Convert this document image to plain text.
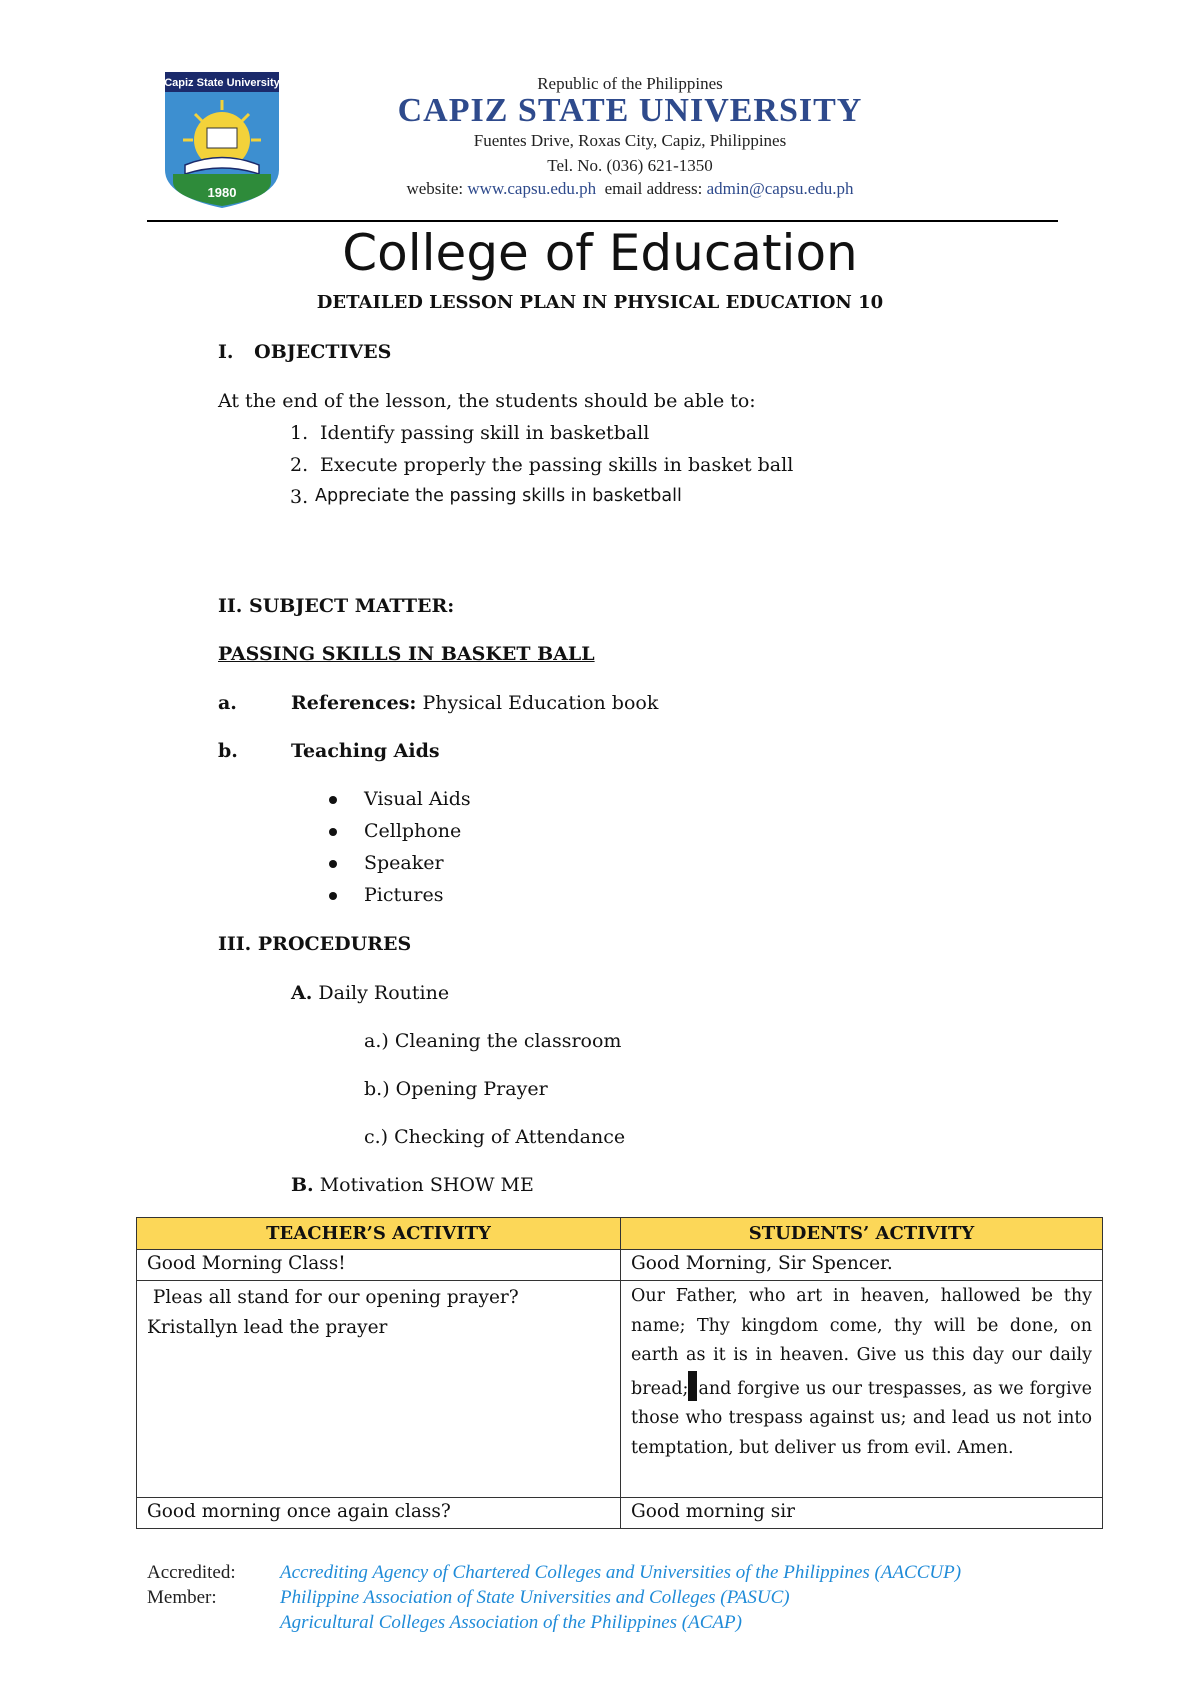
Capiz State University
1980
Republic of the Philippines
CAPIZ STATE UNIVERSITY
Fuentes Drive, Roxas City, Capiz, Philippines
Tel. No. (036) 621-1350
website: www.capsu.edu.ph email address: admin@capsu.edu.ph
College of Education
DETAILED LESSON PLAN IN PHYSICAL EDUCATION 10
I. OBJECTIVES
At the end of the lesson, the students should be able to:
1. Identify passing skill in basketball
2. Execute properly the passing skills in basket ball
3. Appreciate the passing skills in basketball
II. SUBJECT MATTER:
PASSING SKILLS IN BASKET BALL
a.	References: Physical Education book
b.	Teaching Aids
Visual Aids
Cellphone
Speaker
Pictures
III. PROCEDURES
A. Daily Routine
a.) Cleaning the classroom
b.) Opening Prayer
c.) Checking of Attendance
B. Motivation SHOW ME
TEACHER’S ACTIVITY	STUDENTS’ ACTIVITY
Good Morning Class!	Good Morning, Sir Spencer.

Pleas all stand for our opening prayer?
Kristallyn lead the prayer	Our Father, who art in heaven, hallowed be thy name; Thy kingdom come, thy will be done, on earth as it is in heaven. Give us this day our daily bread; and forgive us our trespasses, as we forgive those who trespass against us; and lead us not into temptation, but deliver us from evil. Amen.
Good morning once again class?	Good morning sir
Accredited: Accrediting Agency of Chartered Colleges and Universities of the Philippines (AACCUP)
Member:	Philippine Association of State Universities and Colleges (PASUC)
Agricultural Colleges Association of the Philippines (ACAP)
